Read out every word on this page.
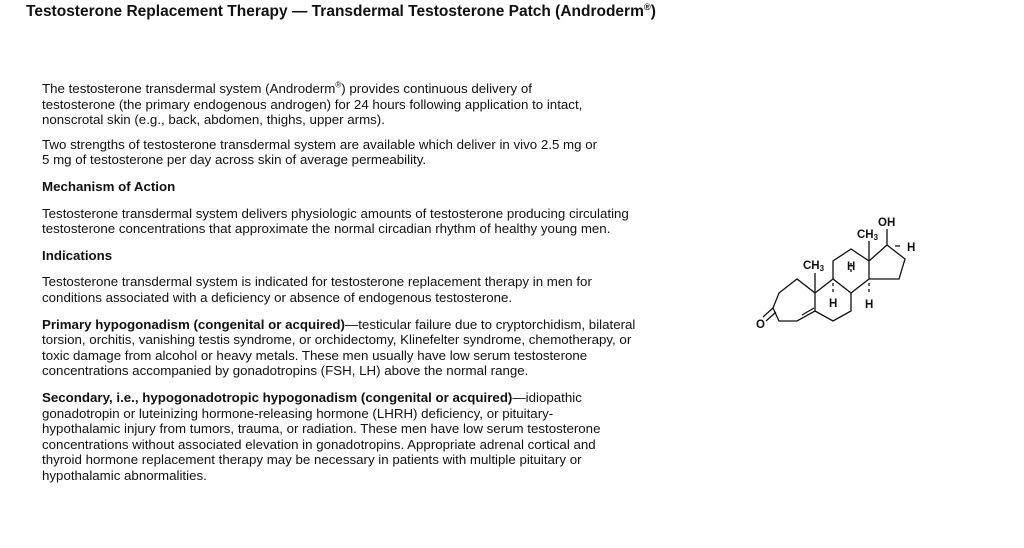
Testosterone Replacement Therapy — Transdermal Testosterone Patch (Androderm®)
The testosterone transdermal system (Androderm®) provides continuous delivery of
testosterone (the primary endogenous androgen) for 24 hours following application to intact,
nonscrotal skin (e.g., back, abdomen, thighs, upper arms).
Two strengths of testosterone transdermal system are available which deliver in vivo 2.5 mg or
5 mg of testosterone per day across skin of average permeability.
Mechanism of Action
Testosterone transdermal system delivers physiologic amounts of testosterone producing circulating
testosterone concentrations that approximate the normal circadian rhythm of healthy young men.
Indications
Testosterone transdermal system is indicated for testosterone replacement therapy in men for
conditions associated with a deficiency or absence of endogenous testosterone.
Primary hypogonadism (congenital or acquired)—testicular failure due to cryptorchidism, bilateral
torsion, orchitis, vanishing testis syndrome, or orchidectomy, Klinefelter syndrome, chemotherapy, or
toxic damage from alcohol or heavy metals. These men usually have low serum testosterone
concentrations accompanied by gonadotropins (FSH, LH) above the normal range.
Secondary, i.e., hypogonadotropic hypogonadism (congenital or acquired)—idiopathic
gonadotropin or luteinizing hormone-releasing hormone (LHRH) deficiency, or pituitary-
hypothalamic injury from tumors, trauma, or radiation. These men have low serum testosterone
concentrations without associated elevation in gonadotropins. Appropriate adrenal cortical and
thyroid hormone replacement therapy may be necessary in patients with multiple pituitary or
hypothalamic abnormalities.
O
CH3
CH3
OH
H
H
H H
